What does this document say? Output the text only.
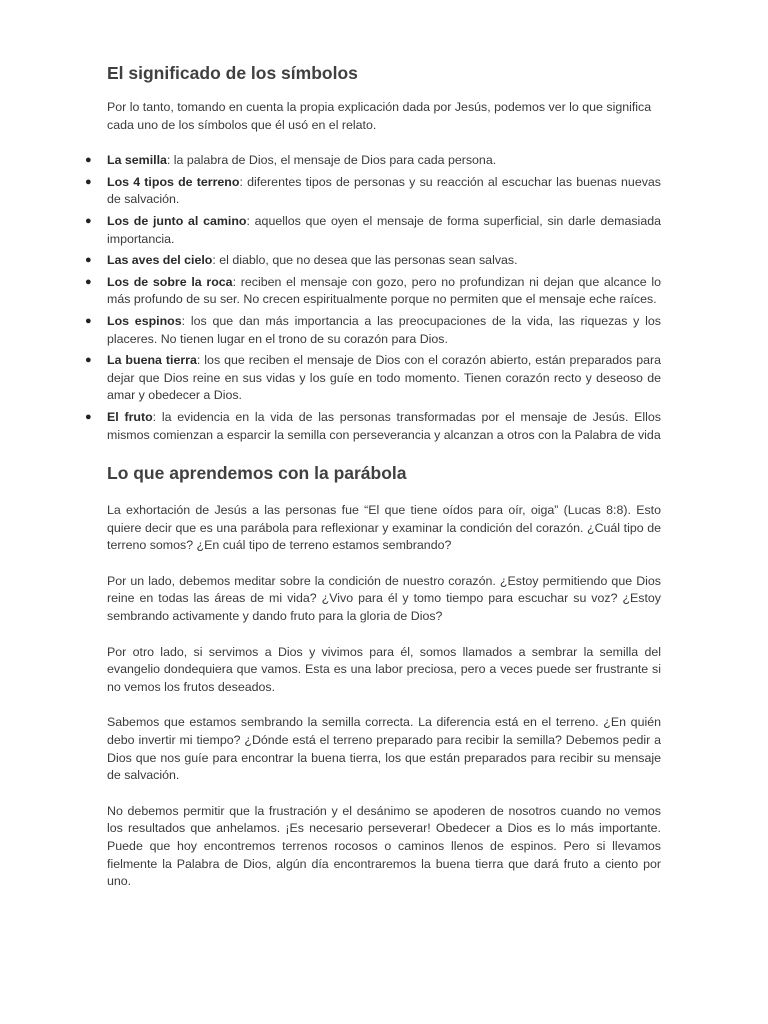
El significado de los símbolos

Por lo tanto, tomando en cuenta la propia explicación dada por Jesús, podemos ver lo que significa cada uno de los símbolos que él usó en el relato.

● La semilla: la palabra de Dios, el mensaje de Dios para cada persona.
● Los 4 tipos de terreno: diferentes tipos de personas y su reacción al escuchar las buenas nuevas de salvación.
● Los de junto al camino: aquellos que oyen el mensaje de forma superficial, sin darle demasiada importancia.
● Las aves del cielo: el diablo, que no desea que las personas sean salvas.
● Los de sobre la roca: reciben el mensaje con gozo, pero no profundizan ni dejan que alcance lo más profundo de su ser. No crecen espiritualmente porque no permiten que el mensaje eche raíces.
● Los espinos: los que dan más importancia a las preocupaciones de la vida, las riquezas y los placeres. No tienen lugar en el trono de su corazón para Dios.
● La buena tierra: los que reciben el mensaje de Dios con el corazón abierto, están preparados para dejar que Dios reine en sus vidas y los guíe en todo momento. Tienen corazón recto y deseoso de amar y obedecer a Dios.
● El fruto: la evidencia en la vida de las personas transformadas por el mensaje de Jesús. Ellos mismos comienzan a esparcir la semilla con perseverancia y alcanzan a otros con la Palabra de vida
Lo que aprendemos con la parábola

La exhortación de Jesús a las personas fue “El que tiene oídos para oír, oiga” (Lucas 8:8). Esto quiere decir que es una parábola para reflexionar y examinar la condición del corazón. ¿Cuál tipo de terreno somos? ¿En cuál tipo de terreno estamos sembrando?

Por un lado, debemos meditar sobre la condición de nuestro corazón. ¿Estoy permitiendo que Dios reine en todas las áreas de mi vida? ¿Vivo para él y tomo tiempo para escuchar su voz? ¿Estoy sembrando activamente y dando fruto para la gloria de Dios?

Por otro lado, si servimos a Dios y vivimos para él, somos llamados a sembrar la semilla del evangelio dondequiera que vamos. Esta es una labor preciosa, pero a veces puede ser frustrante si no vemos los frutos deseados.

Sabemos que estamos sembrando la semilla correcta. La diferencia está en el terreno. ¿En quién debo invertir mi tiempo? ¿Dónde está el terreno preparado para recibir la semilla? Debemos pedir a Dios que nos guíe para encontrar la buena tierra, los que están preparados para recibir su mensaje de salvación.

No debemos permitir que la frustración y el desánimo se apoderen de nosotros cuando no vemos los resultados que anhelamos. ¡Es necesario perseverar! Obedecer a Dios es lo más importante. Puede que hoy encontremos terrenos rocosos o caminos llenos de espinos. Pero si llevamos fielmente la Palabra de Dios, algún día encontraremos la buena tierra que dará fruto a ciento por uno.
